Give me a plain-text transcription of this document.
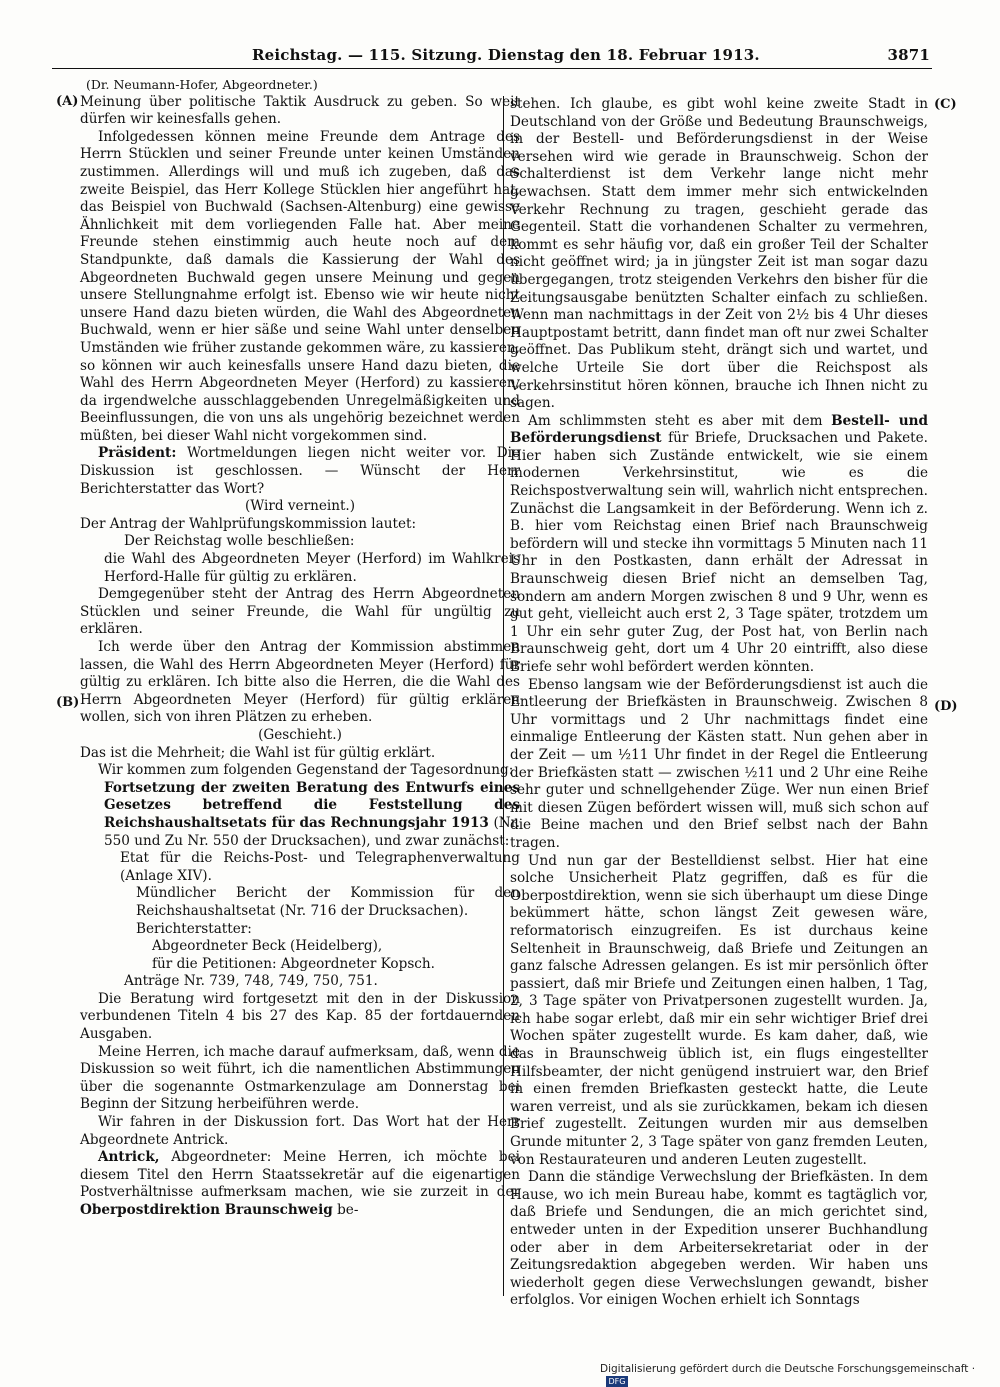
Reichstag. — 115. Sitzung. Dienstag den 18. Februar 1913.	3871
(A)
(B)
(C)
(D)

(Dr. Neumann-Hofer, Abgeordneter.)

Meinung über politische Taktik Ausdruck zu geben. So weit dürfen wir keinesfalls gehen.

Infolgedessen können meine Freunde dem Antrage des Herrn Stücklen und seiner Freunde unter keinen Umständen zustimmen. Allerdings will und muß ich zugeben, daß das zweite Beispiel, das Herr Kollege Stücklen hier angeführt hat, das Beispiel von Buchwald (Sachsen-Altenburg) eine gewisse Ähnlichkeit mit dem vorliegenden Falle hat. Aber meine Freunde stehen einstimmig auch heute noch auf dem Standpunkte, daß damals die Kassierung der Wahl des Abgeordneten Buchwald gegen unsere Meinung und gegen unsere Stellungnahme erfolgt ist. Ebenso wie wir heute nicht unsere Hand dazu bieten würden, die Wahl des Abgeordneten Buchwald, wenn er hier säße und seine Wahl unter denselben Umständen wie früher zustande gekommen wäre, zu kassieren, so können wir auch keinesfalls unsere Hand dazu bieten, die Wahl des Herrn Abgeordneten Meyer (Herford) zu kassieren, da irgendwelche ausschlaggebenden Unregelmäßigkeiten und Beeinflussungen, die von uns als ungehörig bezeichnet werden müßten, bei dieser Wahl nicht vorgekommen sind.

Präsident: Wortmeldungen liegen nicht weiter vor. Die Diskussion ist geschlossen. — Wünscht der Herr Berichterstatter das Wort?

(Wird verneint.)

Der Antrag der Wahlprüfungskommission lautet:

Der Reichstag wolle beschließen:

die Wahl des Abgeordneten Meyer (Herford) im Wahlkreis Herford-Halle für gültig zu erklären.

Demgegenüber steht der Antrag des Herrn Abgeordneten Stücklen und seiner Freunde, die Wahl für ungültig zu erklären.

Ich werde über den Antrag der Kommission abstimmen lassen, die Wahl des Herrn Abgeordneten Meyer (Herford) für gültig zu erklären. Ich bitte also die Herren, die die Wahl des Herrn Abgeordneten Meyer (Herford) für gültig erklären wollen, sich von ihren Plätzen zu erheben.

(Geschieht.)

Das ist die Mehrheit; die Wahl ist für gültig erklärt.

Wir kommen zum folgenden Gegenstand der Tagesordnung:

Fortsetzung der zweiten Beratung des Entwurfs eines Gesetzes betreffend die Feststellung des Reichshaushaltsetats für das Rechnungsjahr 1913 (Nr. 550 und Zu Nr. 550 der Drucksachen), und zwar zunächst:

Etat für die Reichs-Post- und Telegraphenverwaltung (Anlage XIV).

Mündlicher Bericht der Kommission für den Reichshaushaltsetat (Nr. 716 der Drucksachen).

Berichterstatter:

Abgeordneter Beck (Heidelberg),

für die Petitionen: Abgeordneter Kopsch.

Anträge Nr. 739, 748, 749, 750, 751.

Die Beratung wird fortgesetzt mit den in der Diskussion verbundenen Titeln 4 bis 27 des Kap. 85 der fortdauernden Ausgaben.

Meine Herren, ich mache darauf aufmerksam, daß, wenn die Diskussion so weit führt, ich die namentlichen Abstimmungen über die sogenannte Ostmarkenzulage am Donnerstag bei Beginn der Sitzung herbeiführen werde.

Wir fahren in der Diskussion fort. Das Wort hat der Herr Abgeordnete Antrick.

Antrick, Abgeordneter: Meine Herren, ich möchte bei diesem Titel den Herrn Staatssekretär auf die eigenartigen Postverhältnisse aufmerksam machen, wie sie zurzeit in der Oberpostdirektion Braunschweig be-

stehen. Ich glaube, es gibt wohl keine zweite Stadt in Deutschland von der Größe und Bedeutung Braunschweigs, in der Bestell- und Beförderungsdienst in der Weise versehen wird wie gerade in Braunschweig. Schon der Schalterdienst ist dem Verkehr lange nicht mehr gewachsen. Statt dem immer mehr sich entwickelnden Verkehr Rechnung zu tragen, geschieht gerade das Gegenteil. Statt die vorhandenen Schalter zu vermehren, kommt es sehr häufig vor, daß ein großer Teil der Schalter nicht geöffnet wird; ja in jüngster Zeit ist man sogar dazu übergegangen, trotz steigenden Verkehrs den bisher für die Zeitungsausgabe benützten Schalter einfach zu schließen. Wenn man nachmittags in der Zeit von 2½ bis 4 Uhr dieses Hauptpostamt betritt, dann findet man oft nur zwei Schalter geöffnet. Das Publikum steht, drängt sich und wartet, und welche Urteile Sie dort über die Reichspost als Verkehrsinstitut hören können, brauche ich Ihnen nicht zu sagen.

Am schlimmsten steht es aber mit dem Bestell- und Beförderungsdienst für Briefe, Drucksachen und Pakete. Hier haben sich Zustände entwickelt, wie sie einem modernen Verkehrsinstitut, wie es die Reichspostverwaltung sein will, wahrlich nicht entsprechen. Zunächst die Langsamkeit in der Beförderung. Wenn ich z. B. hier vom Reichstag einen Brief nach Braunschweig befördern will und stecke ihn vormittags 5 Minuten nach 11 Uhr in den Postkasten, dann erhält der Adressat in Braunschweig diesen Brief nicht an demselben Tag, sondern am andern Morgen zwischen 8 und 9 Uhr, wenn es gut geht, vielleicht auch erst 2, 3 Tage später, trotzdem um 1 Uhr ein sehr guter Zug, der Post hat, von Berlin nach Braunschweig geht, dort um 4 Uhr 20 eintrifft, also diese Briefe sehr wohl befördert werden könnten.

Ebenso langsam wie der Beförderungsdienst ist auch die Entleerung der Briefkästen in Braunschweig. Zwischen 8 Uhr vormittags und 2 Uhr nachmittags findet eine einmalige Entleerung der Kästen statt. Nun gehen aber in der Zeit — um ½11 Uhr findet in der Regel die Entleerung der Briefkästen statt — zwischen ½11 und 2 Uhr eine Reihe sehr guter und schnellgehender Züge. Wer nun einen Brief mit diesen Zügen befördert wissen will, muß sich schon auf die Beine machen und den Brief selbst nach der Bahn tragen.

Und nun gar der Bestelldienst selbst. Hier hat eine solche Unsicherheit Platz gegriffen, daß es für die Oberpostdirektion, wenn sie sich überhaupt um diese Dinge bekümmert hätte, schon längst Zeit gewesen wäre, reformatorisch einzugreifen. Es ist durchaus keine Seltenheit in Braunschweig, daß Briefe und Zeitungen an ganz falsche Adressen gelangen. Es ist mir persönlich öfter passiert, daß mir Briefe und Zeitungen einen halben, 1 Tag, 2, 3 Tage später von Privatpersonen zugestellt wurden. Ja, ich habe sogar erlebt, daß mir ein sehr wichtiger Brief drei Wochen später zugestellt wurde. Es kam daher, daß, wie das in Braunschweig üblich ist, ein flugs eingestellter Hilfsbeamter, der nicht genügend instruiert war, den Brief in einen fremden Briefkasten gesteckt hatte, die Leute waren verreist, und als sie zurückkamen, bekam ich diesen Brief zugestellt. Zeitungen wurden mir aus demselben Grunde mitunter 2, 3 Tage später von ganz fremden Leuten, von Restaurateuren und anderen Leuten zugestellt.

Dann die ständige Verwechslung der Briefkästen. In dem Hause, wo ich mein Bureau habe, kommt es tagtäglich vor, daß Briefe und Sendungen, die an mich gerichtet sind, entweder unten in der Expedition unserer Buchhandlung oder aber in dem Arbeitersekretariat oder in der Zeitungsredaktion abgegeben werden. Wir haben uns wiederholt gegen diese Verwechslungen gewandt, bisher erfolglos. Vor einigen Wochen erhielt ich Sonntags

Digitalisierung gefördert durch die Deutsche Forschungsgemeinschaft ·DFG
